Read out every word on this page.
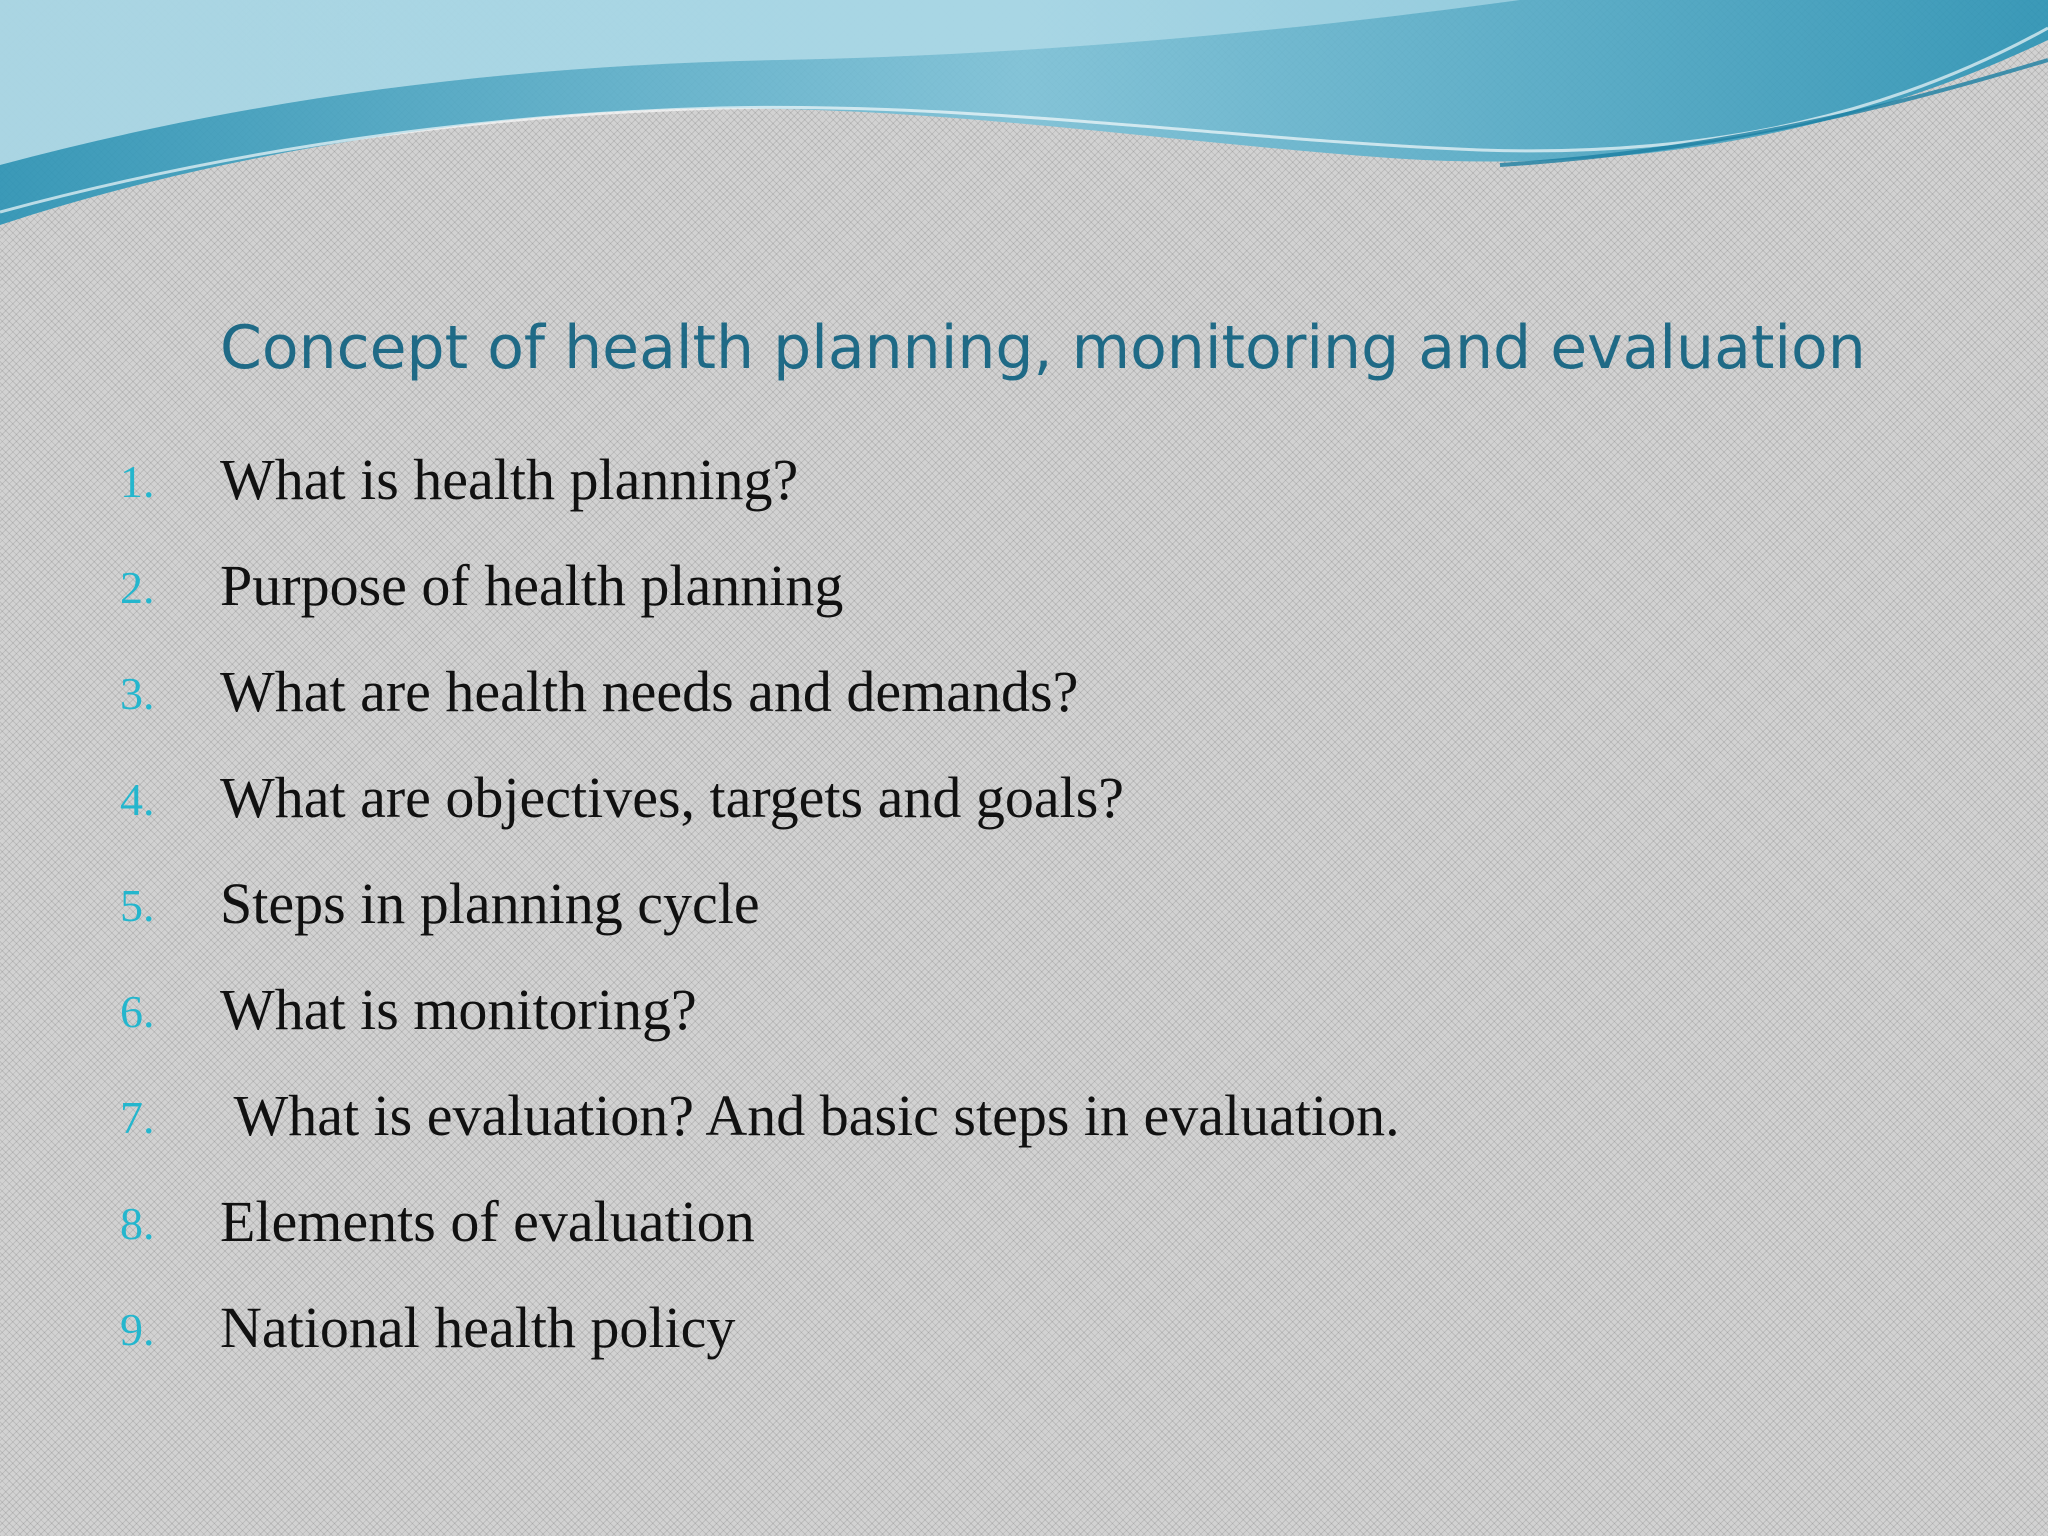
Concept of health planning, monitoring and evaluation
1. What is health planning?
2. Purpose of health planning
3. What are health needs and demands?
4. What are objectives, targets and goals?
5. Steps in planning cycle
6. What is monitoring?
7. What is evaluation? And basic steps in evaluation.
8. Elements of evaluation
9. National health policy
